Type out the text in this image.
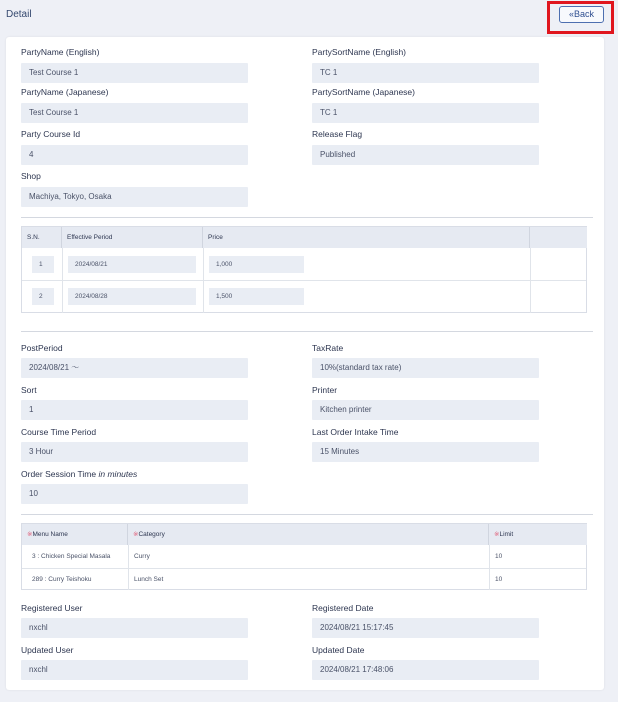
Detail	«Back
PartyName (English)
Test Course 1
PartySortName (English)
TC 1
PartyName (Japanese)
Test Course 1
PartySortName (Japanese)
TC 1
Party Course Id
4
Release Flag
Published
Shop
Machiya, Tokyo, Osaka
S.N.	Effective Period	Price
1	2024/08/21	1,000
2	2024/08/28	1,500
PostPeriod
2024/08/21 〜
TaxRate
10%(standard tax rate)
Sort
1
Printer
Kitchen printer
Course Time Period
3 Hour
Last Order Intake Time
15 Minutes
Order Session Time in minutes
10
※Menu Name	※Category	※Limit
3 : Chicken Special Masala	Curry	10
289 : Curry Teishoku	Lunch Set	10
Registered User
nxchl
Registered Date
2024/08/21 15:17:45
Updated User
nxchl
Updated Date
2024/08/21 17:48:06
